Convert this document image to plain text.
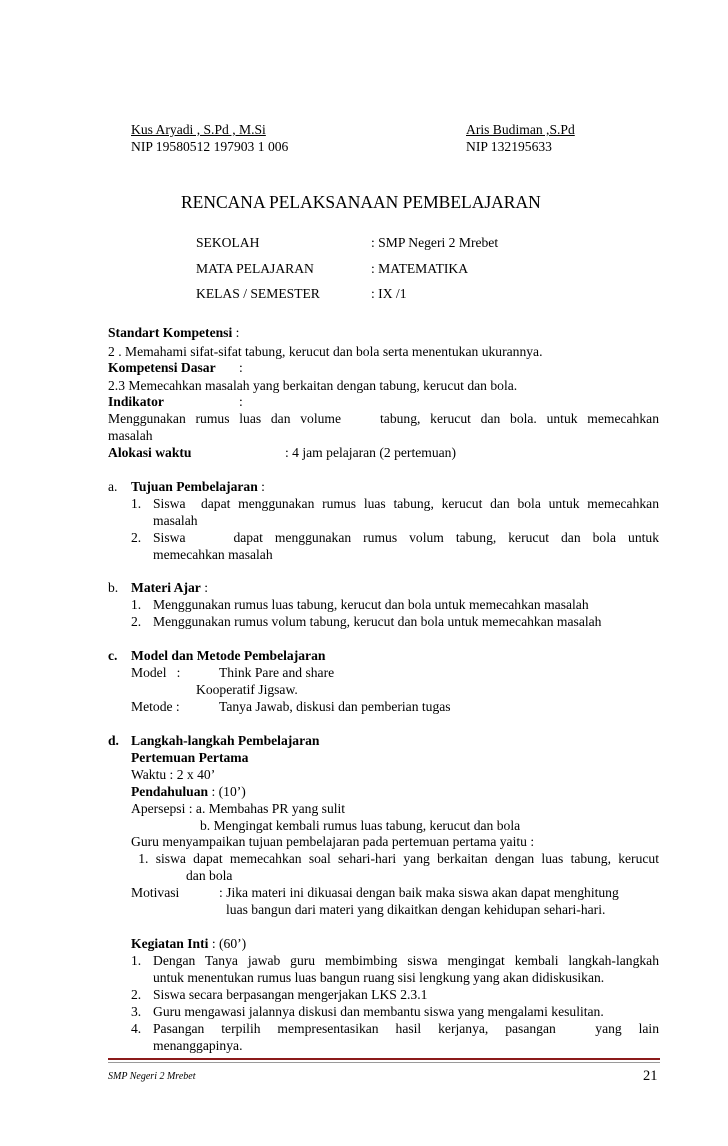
Kus Aryadi , S.Pd , M.Si
NIP 19580512 197903 1 006
Aris Budiman ,S.Pd
NIP 132195633
RENCANA PELAKSANAAN PEMBELAJARAN
SEKOLAH	: SMP Negeri 2 Mrebet
MATA PELAJARAN	: MATEMATIKA
KELAS / SEMESTER	: IX /1
Standart Kompetensi :
2 . Memahami sifat-sifat tabung, kerucut dan bola serta menentukan ukurannya.
Kompetensi Dasar :
2.3 Memecahkan masalah yang berkaitan dengan tabung, kerucut dan bola.
Indikator	:
Menggunakan rumus luas dan volume    tabung, kerucut dan bola. untuk memecahkan
masalah
Alokasi waktu	: 4 jam pelajaran (2 pertemuan)
a. Tujuan Pembelajaran :
1. Siswa  dapat menggunakan rumus luas tabung, kerucut dan bola untuk memecahkan
masalah
2. Siswa    dapat menggunakan rumus volum tabung, kerucut dan bola untuk
memecahkan masalah
b. Materi Ajar :
1. Menggunakan rumus luas tabung, kerucut dan bola untuk memecahkan masalah
2. Menggunakan rumus volum tabung, kerucut dan bola untuk memecahkan masalah
c. Model dan Metode Pembelajaran
Model   :	Think Pare and share
Kooperatif Jigsaw.
Metode :	Tanya Jawab, diskusi dan pemberian tugas
d. Langkah-langkah Pembelajaran
Pertemuan Pertama
Waktu : 2 x 40’
Pendahuluan : (10’)
Apersepsi : a. Membahas PR yang sulit
b. Mengingat kembali rumus luas tabung, kerucut dan bola
Guru menyampaikan tujuan pembelajaran pada pertemuan pertama yaitu :
1. siswa dapat memecahkan soal sehari-hari yang berkaitan dengan luas tabung, kerucut
dan bola
Motivasi	: Jika materi ini dikuasai dengan baik maka siswa akan dapat menghitung
luas bangun dari materi yang dikaitkan dengan kehidupan sehari-hari.
Kegiatan Inti : (60’)
1. Dengan Tanya jawab guru membimbing siswa mengingat kembali langkah-langkah
untuk menentukan rumus luas bangun ruang sisi lengkung yang akan didiskusikan.
2. Siswa secara berpasangan mengerjakan LKS 2.3.1
3. Guru mengawasi jalannya diskusi dan membantu siswa yang mengalami kesulitan.
4. Pasangan   terpilih   mempresentasikan   hasil   kerjanya,   pasangan       yang   lain
menanggapinya.
SMP Negeri 2 Mrebet	21
